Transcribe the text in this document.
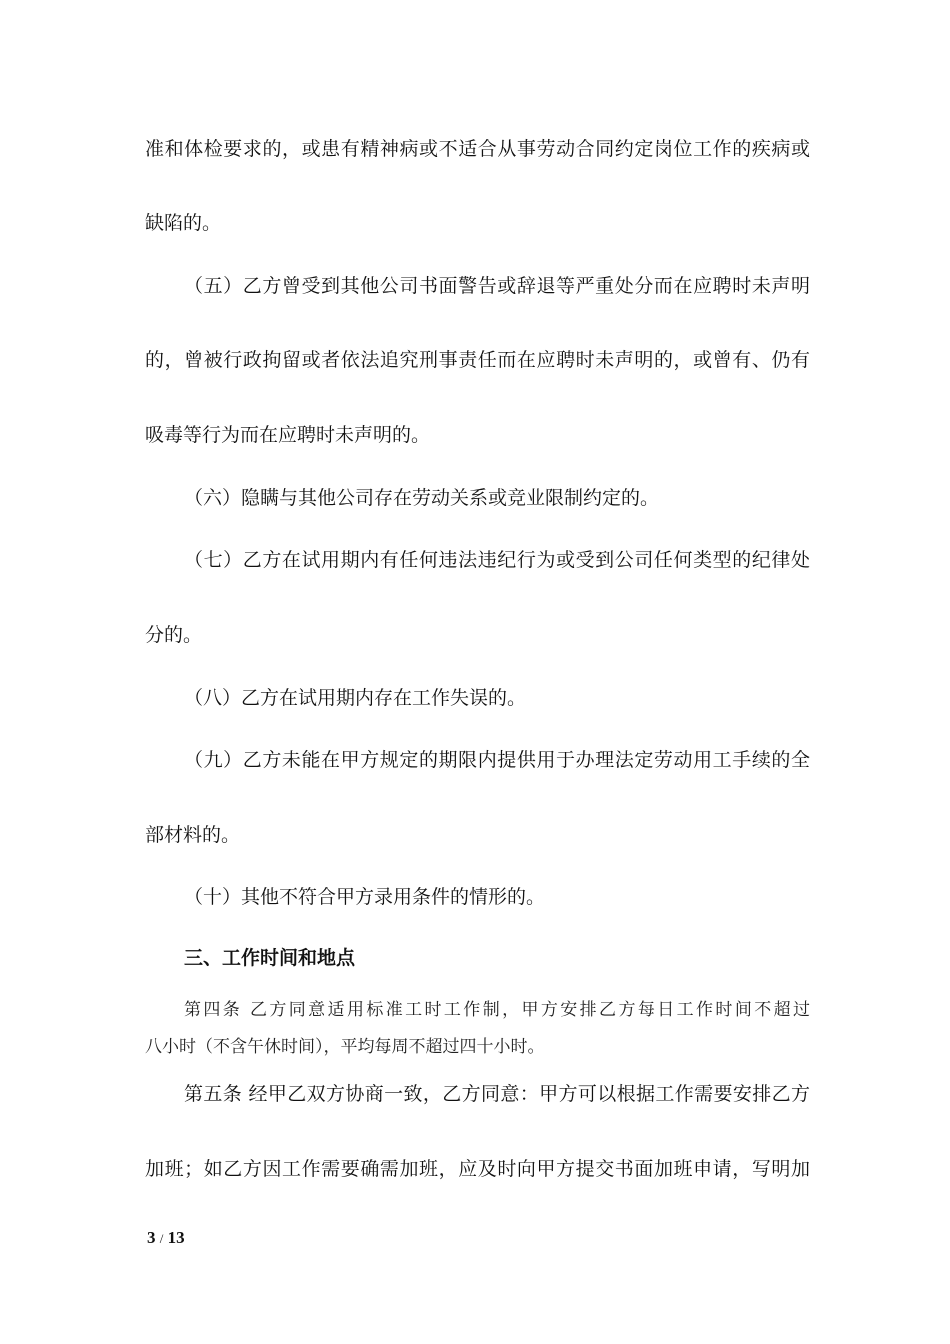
准和体检要求的，或患有精神病或不适合从事劳动合同约定岗位工作的疾病或
缺陷的。
（五）乙方曾受到其他公司书面警告或辞退等严重处分而在应聘时未声明
的，曾被行政拘留或者依法追究刑事责任而在应聘时未声明的，或曾有、仍有
吸毒等行为而在应聘时未声明的。
（六）隐瞒与其他公司存在劳动关系或竞业限制约定的。
（七）乙方在试用期内有任何违法违纪行为或受到公司任何类型的纪律处
分的。
（八）乙方在试用期内存在工作失误的。
（九）乙方未能在甲方规定的期限内提供用于办理法定劳动用工手续的全
部材料的。
（十）其他不符合甲方录用条件的情形的。
三、工作时间和地点
第四条 乙方同意适用标准工时工作制，甲方安排乙方每日工作时间不超过
八小时（不含午休时间），平均每周不超过四十小时。
第五条 经甲乙双方协商一致，乙方同意：甲方可以根据工作需要安排乙方
加班；如乙方因工作需要确需加班，应及时向甲方提交书面加班申请，写明加
3 / 13
